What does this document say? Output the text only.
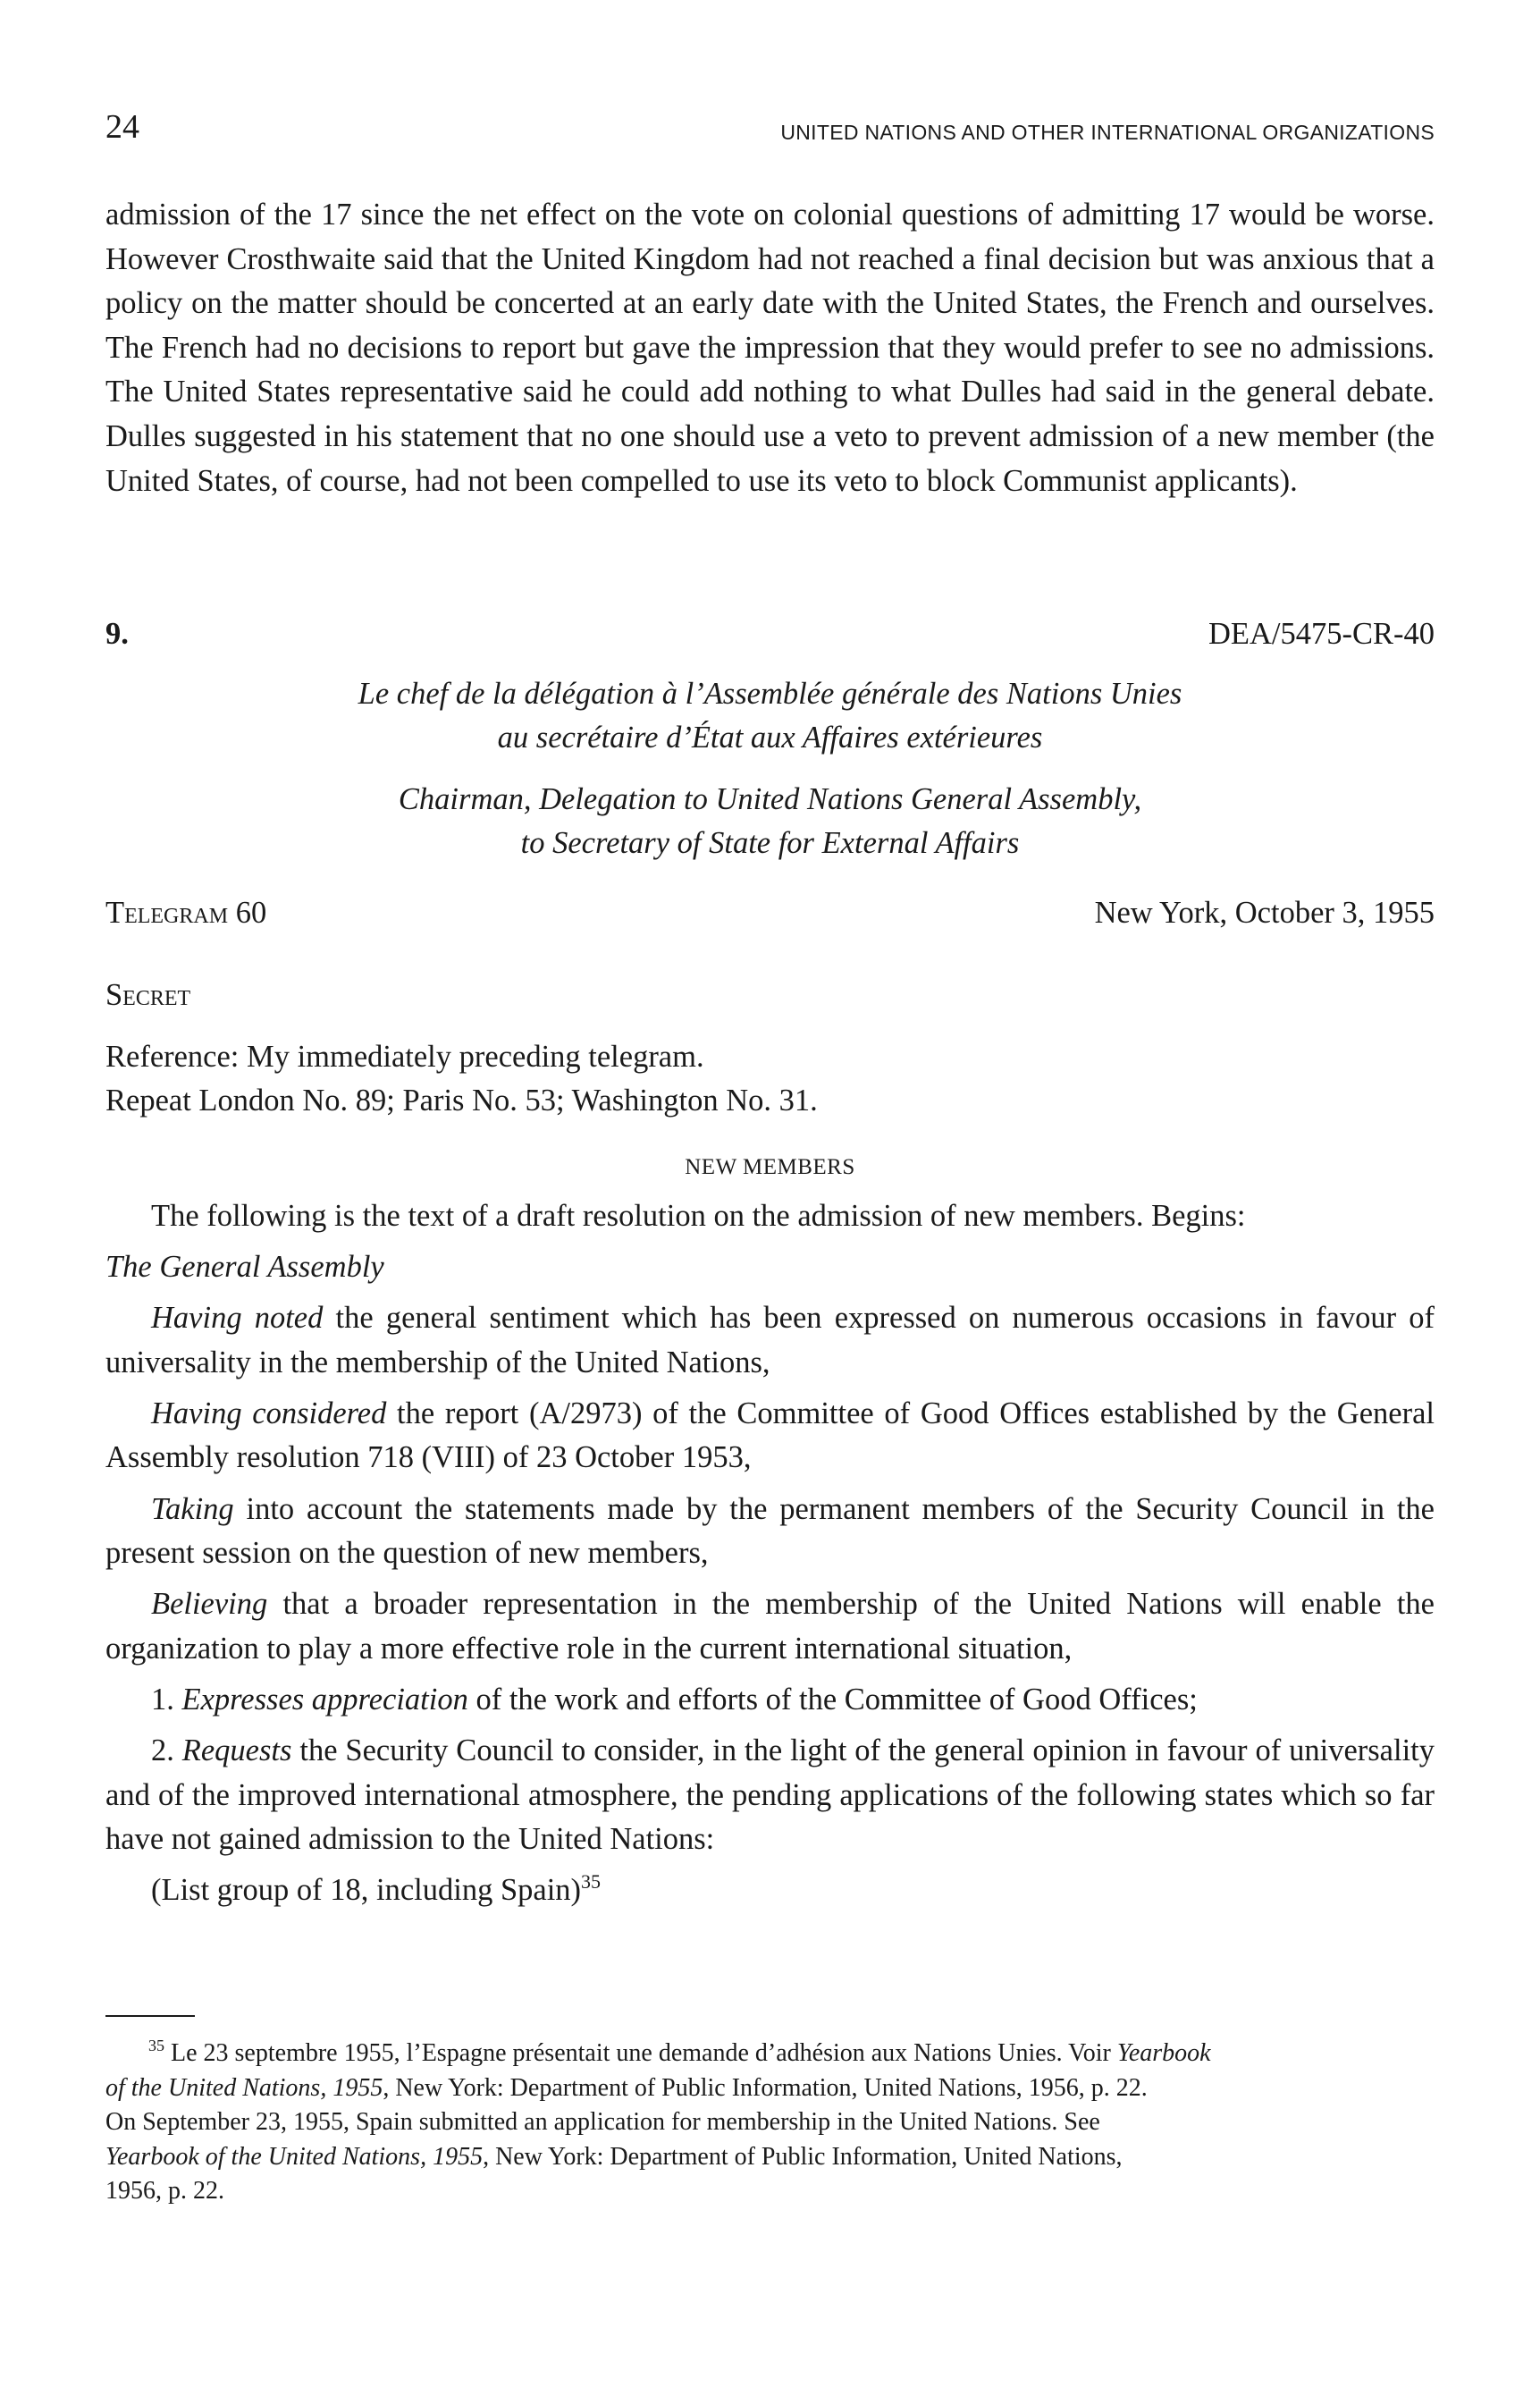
24	UNITED NATIONS AND OTHER INTERNATIONAL ORGANIZATIONS

admission of the 17 since the net effect on the vote on colonial questions of admitting 17 would be worse. However Crosthwaite said that the United Kingdom had not reached a final decision but was anxious that a policy on the matter should be concerted at an early date with the United States, the French and ourselves. The French had no decisions to report but gave the impression that they would prefer to see no admissions. The United States representative said he could add nothing to what Dulles had said in the general debate. Dulles suggested in his statement that no one should use a veto to prevent admission of a new member (the United States, of course, had not been compelled to use its veto to block Communist applicants).

9.	DEA/5475-CR-40
Le chef de la délégation à l’Assemblée générale des Nations Unies
au secrétaire d’État aux Affaires extérieures
Chairman, Delegation to United Nations General Assembly,
to Secretary of State for External Affairs
Telegram 60	New York, October 3, 1955
Secret
Reference: My immediately preceding telegram.
Repeat London No. 89; Paris No. 53; Washington No. 31.
NEW MEMBERS

The following is the text of a draft resolution on the admission of new members. Begins:

The General Assembly

Having noted the general sentiment which has been expressed on numerous occasions in favour of universality in the membership of the United Nations,

Having considered the report (A/2973) of the Committee of Good Offices established by the General Assembly resolution 718 (VIII) of 23 October 1953,

Taking into account the statements made by the permanent members of the Security Council in the present session on the question of new members,

Believing that a broader representation in the membership of the United Nations will enable the organization to play a more effective role in the current international situation,

1. Expresses appreciation of the work and efforts of the Committee of Good Offices;

2. Requests the Security Council to consider, in the light of the general opinion in favour of universality and of the improved international atmosphere, the pending applications of the following states which so far have not gained admission to the United Nations:

(List group of 18, including Spain)$^{35}$

$^{35}$ Le 23 septembre 1955, l’Espagne présentait une demande d’adhésion aux Nations Unies. Voir Yearbook
of the United Nations, 1955, New York: Department of Public Information, United Nations, 1956, p. 22.
On September 23, 1955, Spain submitted an application for membership in the United Nations. See
Yearbook of the United Nations, 1955, New York: Department of Public Information, United Nations,
1956, p. 22.
